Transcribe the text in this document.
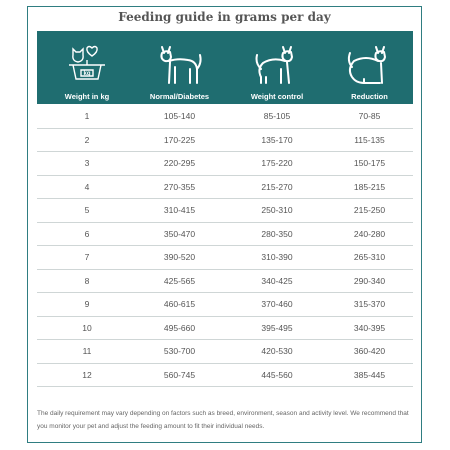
Feeding guide in grams per day
kg
Weight in kg	Normal/Diabetes	Weight control	Reduction
1	105-140	85-105	70-85
2	170-225	135-170	115-135
3	220-295	175-220	150-175
4	270-355	215-270	185-215
5	310-415	250-310	215-250
6	350-470	280-350	240-280
7	390-520	310-390	265-310
8	425-565	340-425	290-340
9	460-615	370-460	315-370
10	495-660	395-495	340-395
11	530-700	420-530	360-420
12	560-745	445-560	385-445
The daily requirement may vary depending on factors such as breed, environment, season and activity level. We recommend that you monitor your pet and adjust the feeding amount to fit their individual needs.
